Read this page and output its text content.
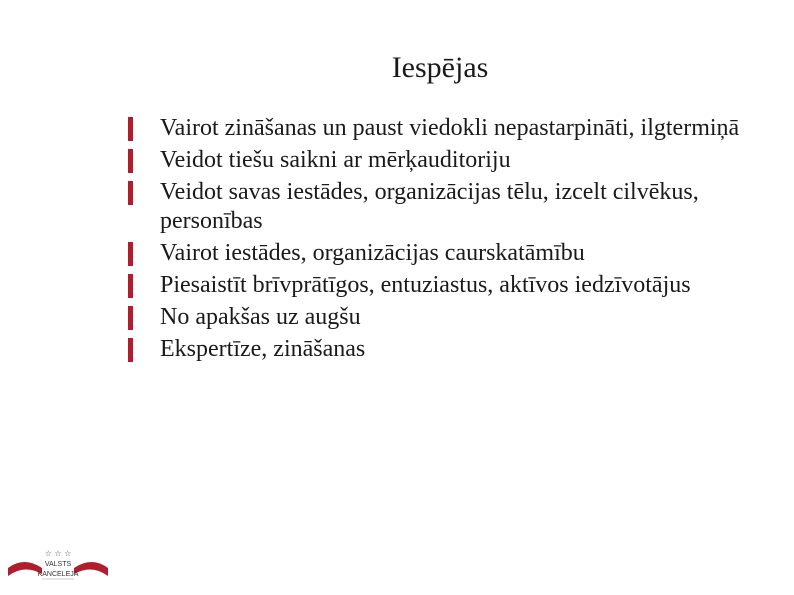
Iespējas
Vairot zināšanas un paust viedokli nepastarpināti, ilgtermiņā
Veidot tiešu saikni ar mērķauditoriju
Veidot savas iestādes, organizācijas tēlu, izcelt cilvēkus, personības
Vairot iestādes, organizācijas caurskatāmību
Piesaistīt brīvprātīgos, entuziastus, aktīvos iedzīvotājus
No apakšas uz augšu
Ekspertīze, zināšanas
☆ ☆ ☆
VALSTS
KANCELEJA
